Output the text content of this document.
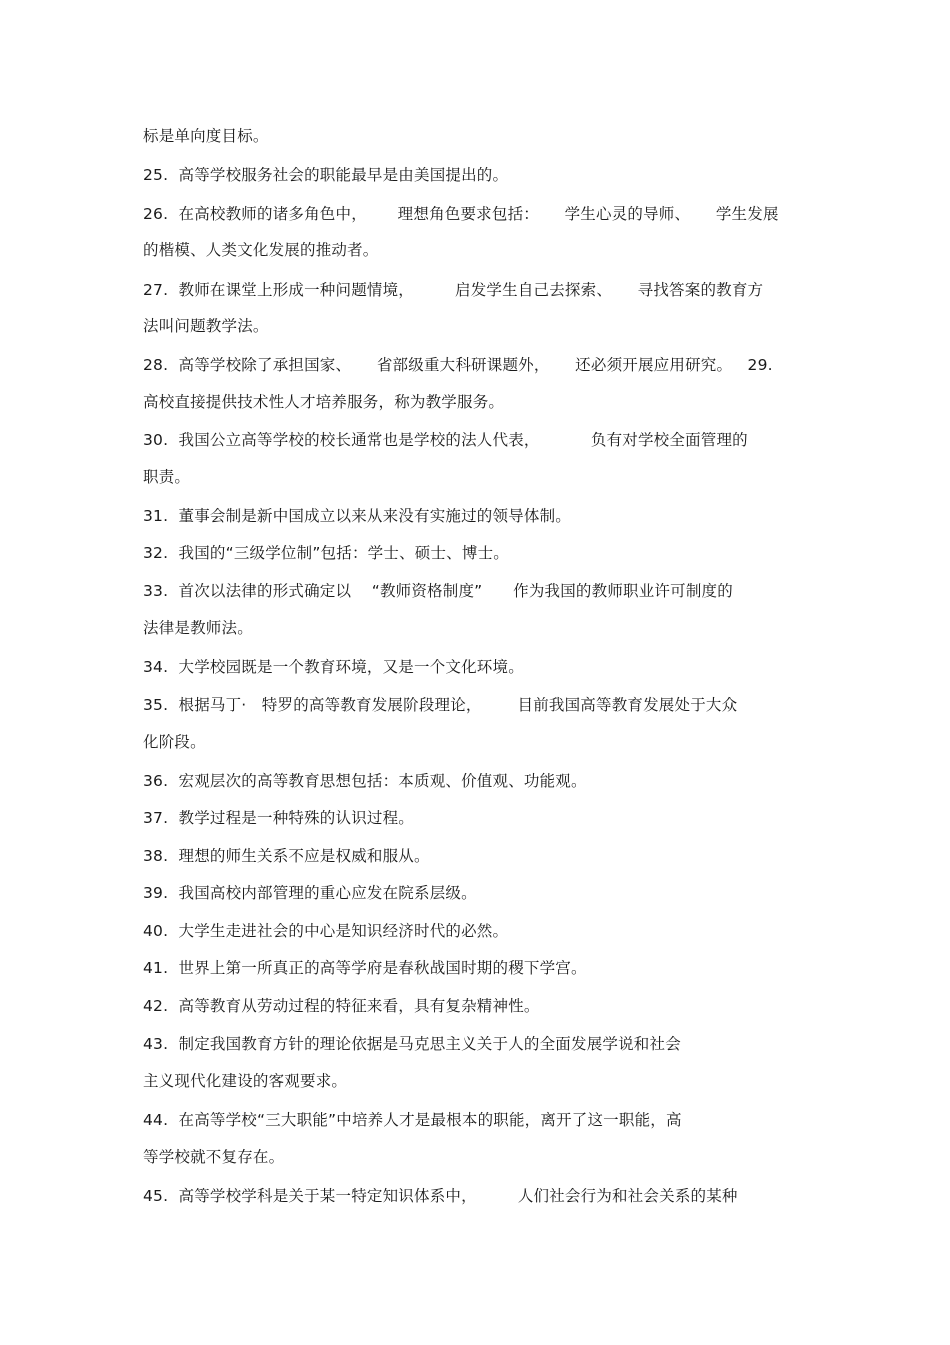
标是单向度目标。
25.  高等学校服务社会的职能最早是由美国提出的。
26.  在高校教师的诸多角色中，      理想角色要求包括：     学生心灵的导师、     学生发展
的楷模、人类文化发展的推动者。
27.  教师在课堂上形成一种问题情境，        启发学生自己去探索、     寻找答案的教育方
法叫问题教学法。
28.  高等学校除了承担国家、     省部级重大科研课题外，     还必须开展应用研究。   29.
高校直接提供技术性人才培养服务，称为教学服务。
30.  我国公立高等学校的校长通常也是学校的法人代表，          负有对学校全面管理的
职责。
31.  董事会制是新中国成立以来从来没有实施过的领导体制。
32.  我国的“三级学位制”包括：学士、硕士、博士。
33.  首次以法律的形式确定以    “教师资格制度”      作为我国的教师职业许可制度的
法律是教师法。
34.  大学校园既是一个教育环境，又是一个文化环境。
35.  根据马丁·   特罗的高等教育发展阶段理论，       目前我国高等教育发展处于大众
化阶段。
36.  宏观层次的高等教育思想包括：本质观、价值观、功能观。
37.  教学过程是一种特殊的认识过程。
38.  理想的师生关系不应是权威和服从。
39.  我国高校内部管理的重心应发在院系层级。
40.  大学生走进社会的中心是知识经济时代的必然。
41.  世界上第一所真正的高等学府是春秋战国时期的稷下学宫。
42.  高等教育从劳动过程的特征来看，具有复杂精神性。
43.  制定我国教育方针的理论依据是马克思主义关于人的全面发展学说和社会
主义现代化建设的客观要求。
44.  在高等学校“三大职能”中培养人才是最根本的职能，离开了这一职能，高
等学校就不复存在。
45.  高等学校学科是关于某一特定知识体系中，        人们社会行为和社会关系的某种
